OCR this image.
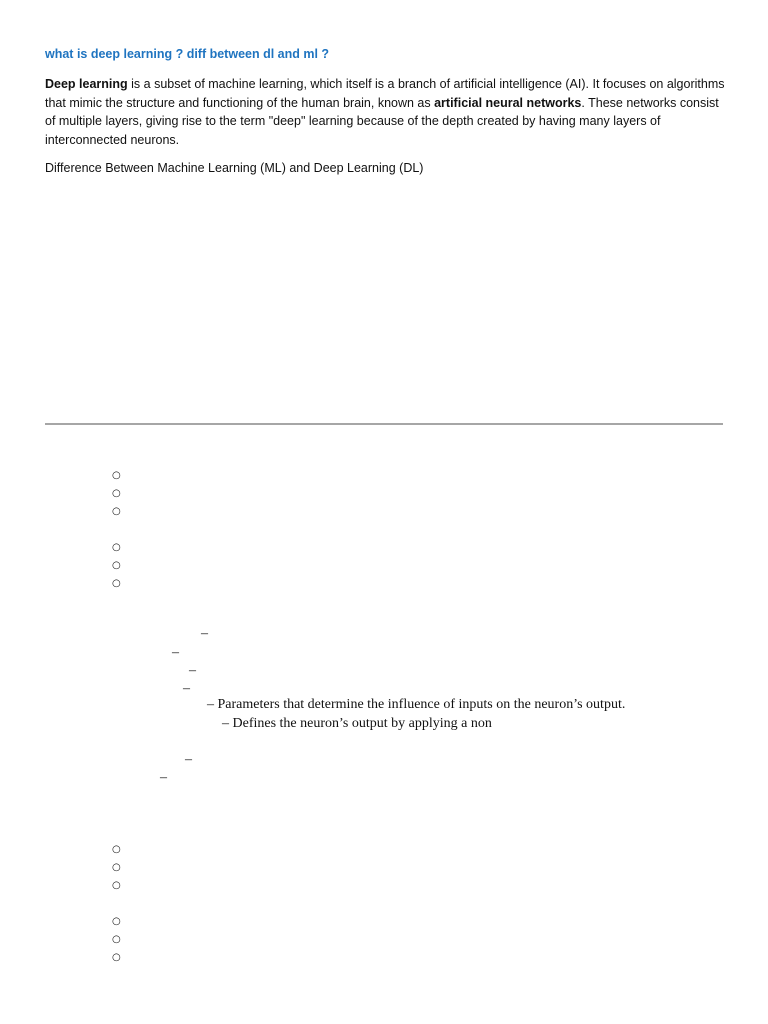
what is deep learning ? diff between dl and ml ?
Deep learning is a subset of machine learning, which itself is a branch of artificial intelligence (AI). It focuses on algorithms that mimic the structure and functioning of the human brain, known as artificial neural networks. These networks consist of multiple layers, giving rise to the term "deep" learning because of the depth created by having many layers of interconnected neurons.
Difference Between Machine Learning (ML) and Deep Learning (DL)
○
○
○
○
○
○
–
–
–
–
– Parameters that determine the influence of inputs on the neuron’s output.
– Defines the neuron’s output by applying a non
–
–
○
○
○
○
○
○
